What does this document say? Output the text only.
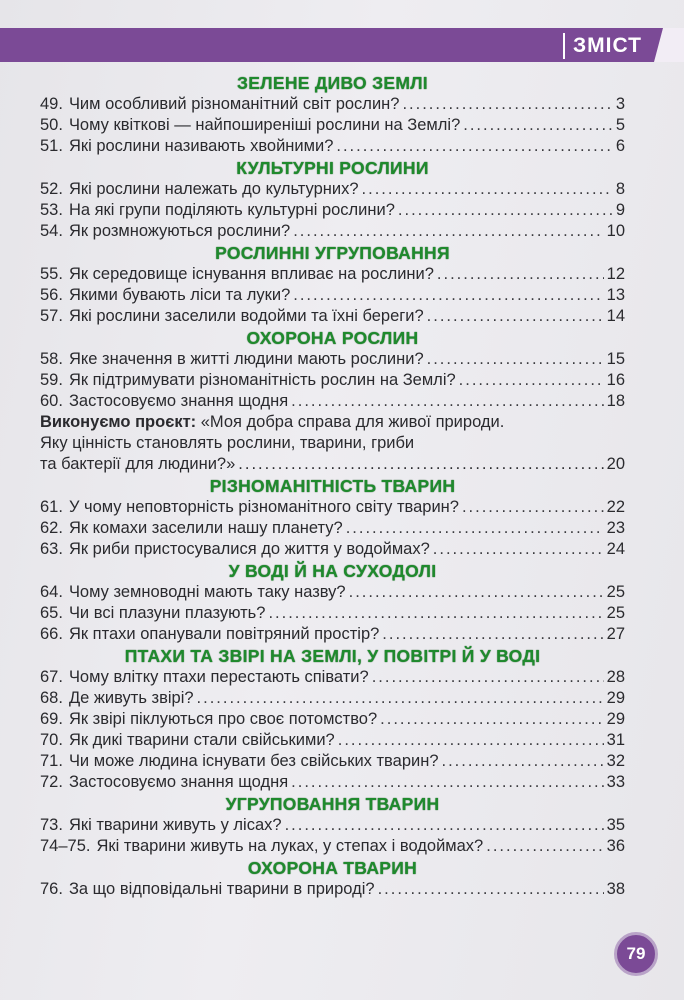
ЗМІСТ
ЗЕЛЕНЕ ДИВО ЗЕМЛІ
49. Чим особливий різноманітний світ рослин? .....	3
50. Чому квіткові — найпоширеніші рослини на Землі? .....	5
51. Які рослини називають хвойними? .....	6
КУЛЬТУРНІ РОСЛИНИ
52. Які рослини належать до культурних? .....	8
53. На які групи поділяють культурні рослини? .....	9
54. Як розмножуються рослини? .....	10
РОСЛИННІ УГРУПОВАННЯ
55. Як середовище існування впливає на рослини? .....	12
56. Якими бувають ліси та луки? .....	13
57. Які рослини заселили водойми та їхні береги? .....	14
ОХОРОНА РОСЛИН
58. Яке значення в житті людини мають рослини? .....	15
59. Як підтримувати різноманітність рослин на Землі? .....	16
60. Застосовуємо знання щодня .....	18
Виконуємо проєкт: «Моя добра справа для живої природи.
Яку цінність становлять рослини, тварини, гриби
та бактерії для людини?» .....	20
РІЗНОМАНІТНІСТЬ ТВАРИН
61. У чому неповторність різноманітного світу тварин? .....	22
62. Як комахи заселили нашу планету? .....	23
63. Як риби пристосувалися до життя у водоймах? .....	24
У ВОДІ Й НА СУХОДОЛІ
64. Чому земноводні мають таку назву? .....	25
65. Чи всі плазуни плазують? .....	25
66. Як птахи опанували повітряний простір? .....	27
ПТАХИ ТА ЗВІРІ НА ЗЕМЛІ, У ПОВІТРІ Й У ВОДІ
67. Чому влітку птахи перестають співати? .....	28
68. Де живуть звірі? .....	29
69. Як звірі піклуються про своє потомство? .....	29
70. Як дикі тварини стали свійськими? .....	31
71. Чи може людина існувати без свійських тварин? .....	32
72. Застосовуємо знання щодня .....	33
УГРУПОВАННЯ ТВАРИН
73. Які тварини живуть у лісах? .....	35
74–75. Які тварини живуть на луках, у степах і водоймах? .....	36
ОХОРОНА ТВАРИН
76. За що відповідальні тварини в природі? .....	38
79
